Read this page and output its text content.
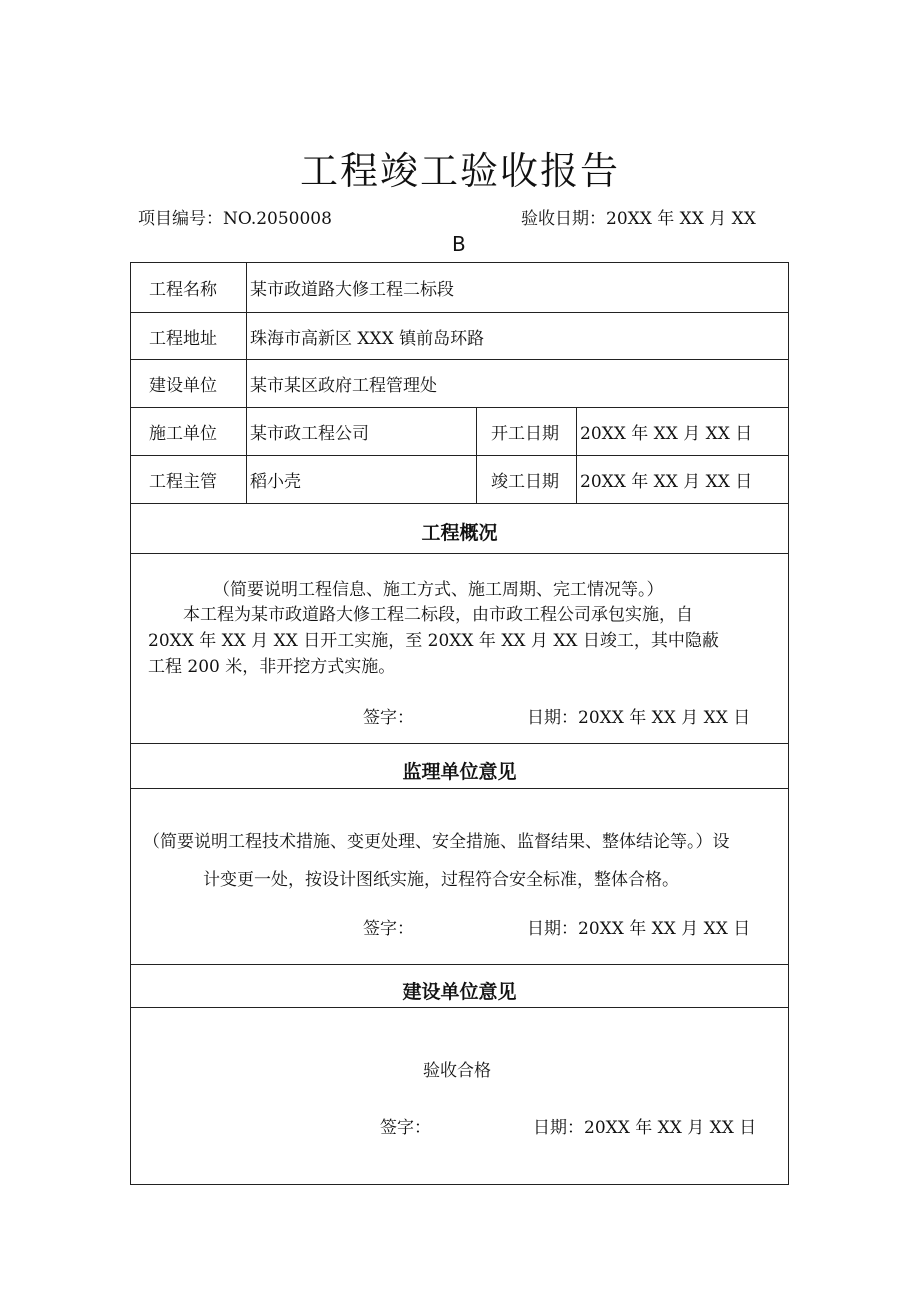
工程竣工验收报告
项目编号：NO.2050008	验收日期：20XX 年 XX 月 XX
B
工程名称	某市政道路大修工程二标段
工程地址	珠海市高新区 XXX 镇前岛环路
建设单位	某市某区政府工程管理处
施工单位	某市政工程公司	开工日期	20XX 年 XX 月 XX 日
工程主管	稻小壳	竣工日期	20XX 年 XX 月 XX 日
工程概况
（简要说明工程信息、施工方式、施工周期、完工情况等。）
本工程为某市政道路大修工程二标段，由市政工程公司承包实施，自
20XX 年 XX 月 XX 日开工实施，至 20XX 年 XX 月 XX 日竣工，其中隐蔽
工程 200 米，非开挖方式实施。
签字：	日期：20XX 年 XX 月 XX 日
监理单位意见
（简要说明工程技术措施、变更处理、安全措施、监督结果、整体结论等。）设
计变更一处，按设计图纸实施，过程符合安全标准，整体合格。
签字：	日期：20XX 年 XX 月 XX 日
建设单位意见
验收合格
签字：	日期：20XX 年 XX 月 XX 日
